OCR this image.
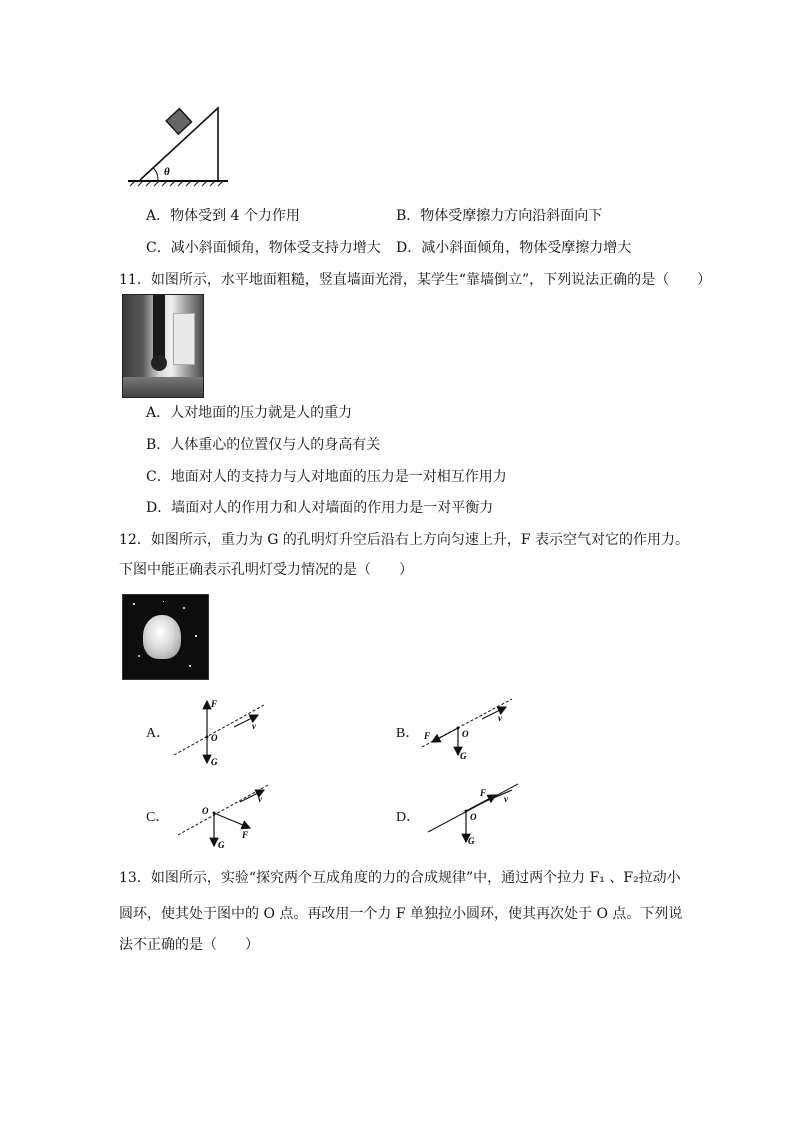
θ
A．物体受到 4 个力作用	B．物体受摩擦力方向沿斜面向下
C．减小斜面倾角，物体受支持力增大 D．减小斜面倾角，物体受摩擦力增大
11．如图所示，水平地面粗糙，竖直墙面光滑，某学生“靠墙倒立”，下列说法正确的是（　　）
A．人对地面的压力就是人的重力
B．人体重心的位置仅与人的身高有关
C．地面对人的支持力与人对地面的压力是一对相互作用力
D．墙面对人的作用力和人对墙面的作用力是一对平衡力
12．如图所示，重力为 G 的孔明灯升空后沿右上方向匀速上升，F 表示空气对它的作用力。
下图中能正确表示孔明灯受力情况的是（　　）
A．
F
O
G
v	B． F	O
G
v
C．	O
G
F
v
D．
F
O
G
v
13．如图所示，实验“探究两个互成角度的力的合成规律”中，通过两个拉力 F₁ 、F₂拉动小
圆环，使其处于图中的 O 点。再改用一个力 F 单独拉小圆环，使其再次处于 O 点。下列说
法不正确的是（　　）
